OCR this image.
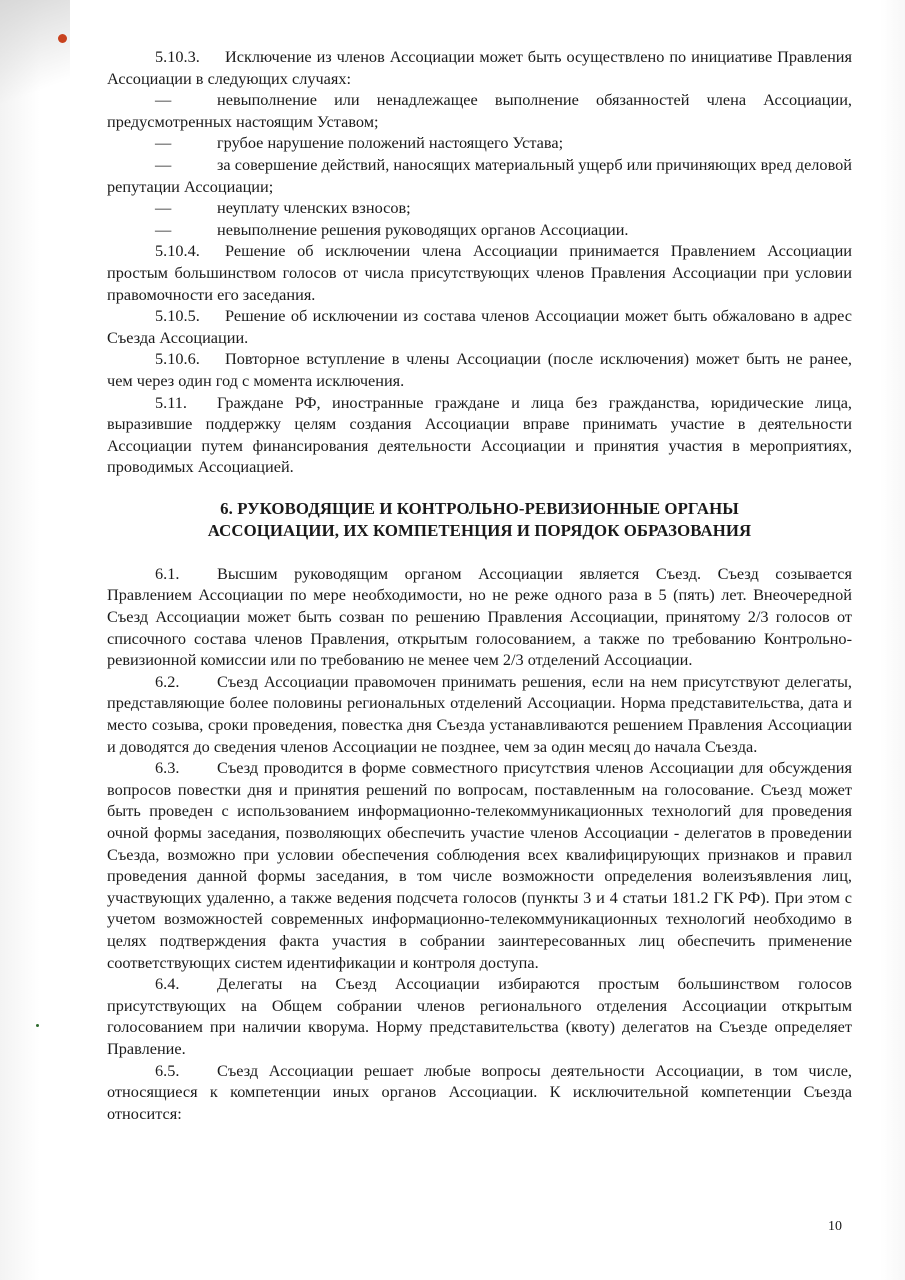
5.10.3. Исключение из членов Ассоциации может быть осуществлено по инициативе Правления Ассоциации в следующих случаях:

—	невыполнение или ненадлежащее выполнение обязанностей члена Ассоциации, предусмотренных настоящим Уставом;

—	грубое нарушение положений настоящего Устава;

—	за совершение действий, наносящих материальный ущерб или причиняющих вред деловой репутации Ассоциации;

—	неуплату членских взносов;

—	невыполнение решения руководящих органов Ассоциации.

5.10.4. Решение об исключении члена Ассоциации принимается Правлением Ассоциации простым большинством голосов от числа присутствующих членов Правления Ассоциации при условии правомочности его заседания.

5.10.5. Решение об исключении из состава членов Ассоциации может быть обжаловано в адрес Съезда Ассоциации.

5.10.6. Повторное вступление в члены Ассоциации (после исключения) может быть не ранее, чем через один год с момента исключения.

5.11. Граждане РФ, иностранные граждане и лица без гражданства, юридические лица, выразившие поддержку целям создания Ассоциации вправе принимать участие в деятельности Ассоциации путем финансирования деятельности Ассоциации и принятия участия в мероприятиях, проводимых Ассоциацией.

6. РУКОВОДЯЩИЕ И КОНТРОЛЬНО-РЕВИЗИОННЫЕ ОРГАНЫ
АССОЦИАЦИИ, ИХ КОМПЕТЕНЦИЯ И ПОРЯДОК ОБРАЗОВАНИЯ

6.1. Высшим руководящим органом Ассоциации является Съезд. Съезд созывается Правлением Ассоциации по мере необходимости, но не реже одного раза в 5 (пять) лет. Внеочередной Съезд Ассоциации может быть созван по решению Правления Ассоциации, принятому 2/3 голосов от списочного состава членов Правления, открытым голосованием, а также по требованию Контрольно-ревизионной комиссии или по требованию не менее чем 2/3 отделений Ассоциации.

6.2. Съезд Ассоциации правомочен принимать решения, если на нем присутствуют делегаты, представляющие более половины региональных отделений Ассоциации. Норма представительства, дата и место созыва, сроки проведения, повестка дня Съезда устанавливаются решением Правления Ассоциации и доводятся до сведения членов Ассоциации не позднее, чем за один месяц до начала Съезда.

6.3. Съезд проводится в форме совместного присутствия членов Ассоциации для обсуждения вопросов повестки дня и принятия решений по вопросам, поставленным на голосование. Съезд может быть проведен с использованием информационно-телекоммуникационных технологий для проведения очной формы заседания, позволяющих обеспечить участие членов Ассоциации - делегатов в проведении Съезда, возможно при условии обеспечения соблюдения всех квалифицирующих признаков и правил проведения данной формы заседания, в том числе возможности определения волеизъявления лиц, участвующих удаленно, а также ведения подсчета голосов (пункты 3 и 4 статьи 181.2 ГК РФ). При этом с учетом возможностей современных информационно-телекоммуникационных технологий необходимо в целях подтверждения факта участия в собрании заинтересованных лиц обеспечить применение соответствующих систем идентификации и контроля доступа.

6.4. Делегаты на Съезд Ассоциации избираются простым большинством голосов присутствующих на Общем собрании членов регионального отделения Ассоциации открытым голосованием при наличии кворума. Норму представительства (квоту) делегатов на Съезде определяет Правление.

6.5. Съезд Ассоциации решает любые вопросы деятельности Ассоциации, в том числе, относящиеся к компетенции иных органов Ассоциации. К исключительной компетенции Съезда относится:

10
